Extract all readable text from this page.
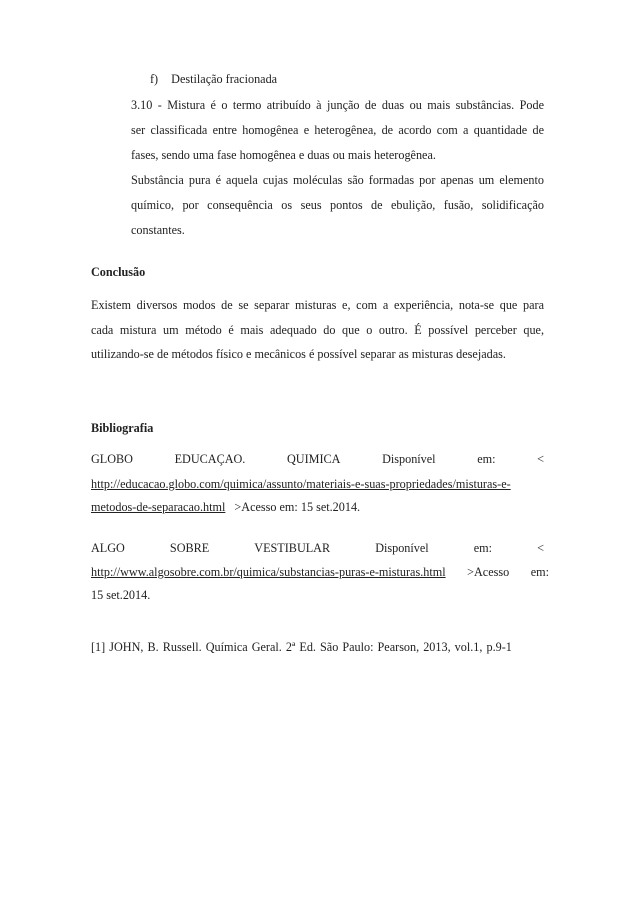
f) Destilação fracionada
3.10 - Mistura é o termo atribuído à junção de duas ou mais substâncias. Pode
ser classificada entre homogênea e heterogênea, de acordo com a quantidade de
fases, sendo uma fase homogênea e duas ou mais heterogênea.
Substância pura é aquela cujas moléculas são formadas por apenas um elemento
químico, por consequência os seus pontos de ebulição, fusão, solidificação
constantes.
Conclusão
Existem diversos modos de se separar misturas e, com a experiência, nota-se que para
cada mistura um método é mais adequado do que o outro. É possível perceber que,
utilizando-se de métodos físico e mecânicos é possível separar as misturas desejadas.
Bibliografia
GLOBO	EDUCAÇAO.	QUIMICA	Disponível	em:	<
http://educacao.globo.com/quimica/assunto/materiais-e-suas-propriedades/misturas-e-
metodos-de-separacao.html >Acesso em: 15 set.2014.
ALGO	SOBRE	VESTIBULAR	Disponível	em:	<
http://www.algosobre.com.br/quimica/substancias-puras-e-misturas.html >Acesso em:
15 set.2014.
[1] JOHN, B. Russell. Química Geral. 2ª Ed. São Paulo: Pearson, 2013, vol.1, p.9-1
